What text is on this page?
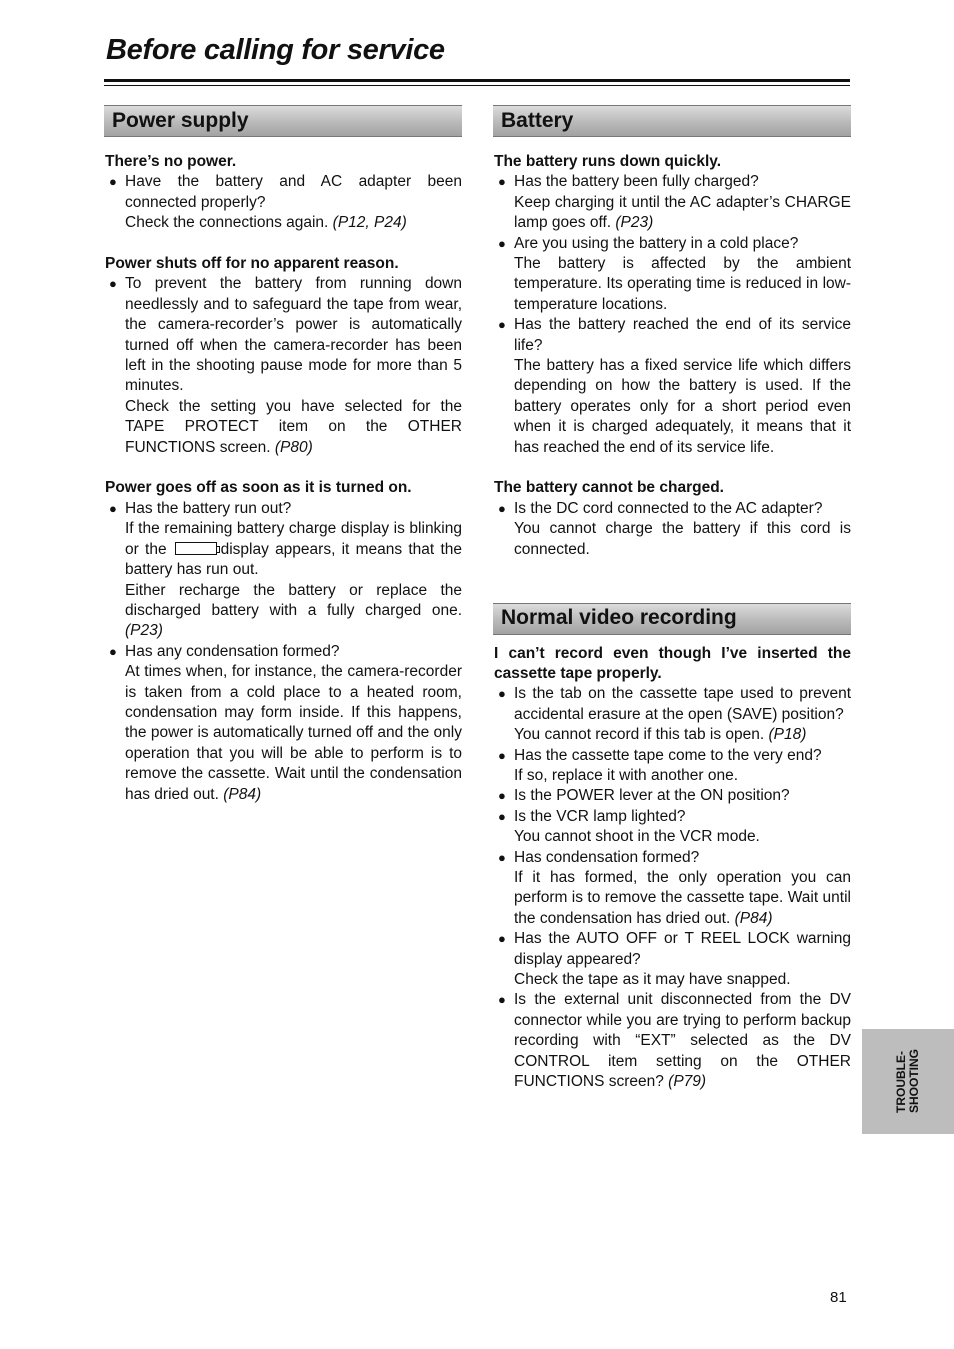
Before calling for service
Power supply

There’s no power.

● Have the battery and AC adapter been connected properly?

Check the connections again. (P12, P24)

Power shuts off for no apparent reason.

● To prevent the battery from running down needlessly and to safeguard the tape from wear, the camera-recorder’s power is automatically turned off when the camera-recorder has been left in the shooting pause mode for more than 5 minutes.

Check the setting you have selected for the TAPE PROTECT item on the OTHER FUNCTIONS screen. (P80)

Power goes off as soon as it is turned on.

● Has the battery run out?

If the remaining battery charge display is blinking or the	display appears, it means that the battery has run out.

Either recharge the battery or replace the discharged battery with a fully charged one. (P23)

● Has any condensation formed?

At times when, for instance, the camera-recorder is taken from a cold place to a heated room, condensation may form inside. If this happens, the power is automatically turned off and the only operation that you will be able to perform is to remove the cassette. Wait until the condensation has dried out. (P84)

Battery

The battery runs down quickly.

● Has the battery been fully charged?

Keep charging it until the AC adapter’s CHARGE lamp goes off. (P23)

● Are you using the battery in a cold place?

The battery is affected by the ambient temperature. Its operating time is reduced in low-temperature locations.

● Has the battery reached the end of its service life?

The battery has a fixed service life which differs depending on how the battery is used. If the battery operates only for a short period even when it is charged adequately, it means that it has reached the end of its service life.

The battery cannot be charged.

● Is the DC cord connected to the AC adapter?

You cannot charge the battery if this cord is connected.

Normal video recording

I can’t record even though I’ve inserted the cassette tape properly.

● Is the tab on the cassette tape used to prevent accidental erasure at the open (SAVE) position?

You cannot record if this tab is open. (P18)

● Has the cassette tape come to the very end?

If so, replace it with another one.

● Is the POWER lever at the ON position?

● Is the VCR lamp lighted?

You cannot shoot in the VCR mode.

● Has condensation formed?

If it has formed, the only operation you can perform is to remove the cassette tape. Wait until the condensation has dried out. (P84)

● Has the AUTO OFF or T REEL LOCK warning display appeared?

Check the tape as it may have snapped.

● Is the external unit disconnected from the DV connector while you are trying to perform backup recording with “EXT” selected as the DV CONTROL item setting on the OTHER FUNCTIONS screen? (P79)	TROUBLE- SHOOTING
81
